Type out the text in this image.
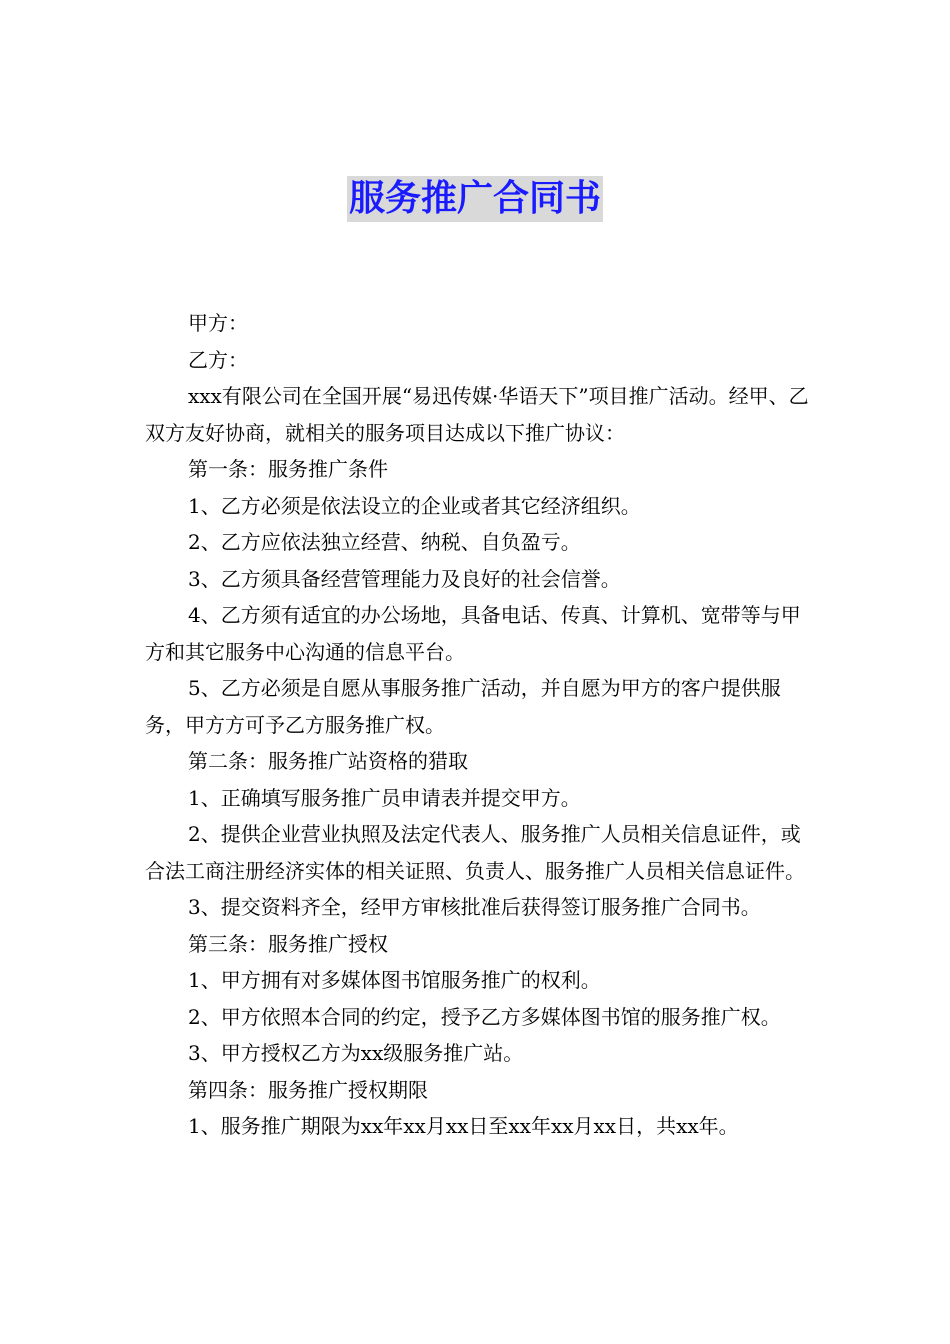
服务推广合同书

甲方：

乙方：

xxx有限公司在全国开展“易迅传媒·华语天下”项目推广活动。经甲、乙双方友好协商，就相关的服务项目达成以下推广协议：

第一条：服务推广条件

1、乙方必须是依法设立的企业或者其它经济组织。

2、乙方应依法独立经营、纳税、自负盈亏。

3、乙方须具备经营管理能力及良好的社会信誉。

4、乙方须有适宜的办公场地，具备电话、传真、计算机、宽带等与甲方和其它服务中心沟通的信息平台。

5、乙方必须是自愿从事服务推广活动，并自愿为甲方的客户提供服务，甲方方可予乙方服务推广权。

第二条：服务推广站资格的猎取

1、正确填写服务推广员申请表并提交甲方。

2、提供企业营业执照及法定代表人、服务推广人员相关信息证件，或合法工商注册经济实体的相关证照、负责人、服务推广人员相关信息证件。

3、提交资料齐全，经甲方审核批准后获得签订服务推广合同书。

第三条：服务推广授权

1、甲方拥有对多媒体图书馆服务推广的权利。

2、甲方依照本合同的约定，授予乙方多媒体图书馆的服务推广权。

3、甲方授权乙方为xx级服务推广站。

第四条：服务推广授权期限

1、服务推广期限为xx年xx月xx日至xx年xx月xx日，共xx年。
